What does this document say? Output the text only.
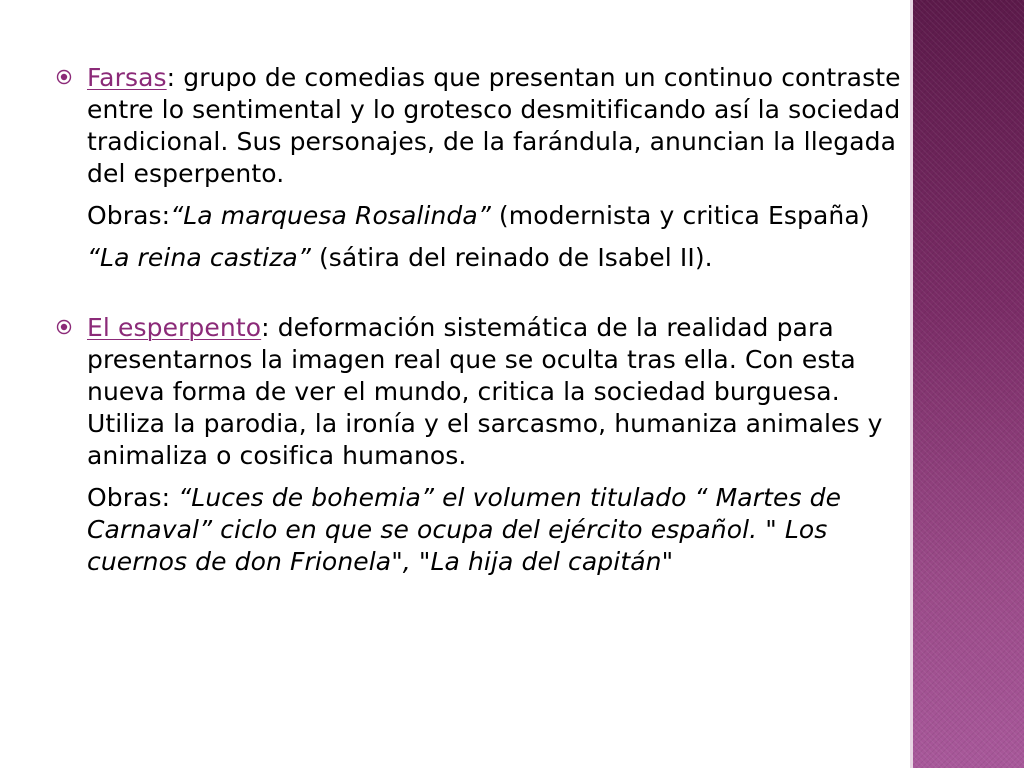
Farsas: grupo de comedias que presentan un continuo contraste entre lo sentimental y lo grotesco desmitificando así la sociedad tradicional. Sus personajes, de la farándula, anuncian la llegada del esperpento.

Obras:“La marquesa Rosalinda” (modernista y critica España)

“La reina castiza” (sátira del reinado de Isabel II).

El esperpento: deformación sistemática de la realidad para presentarnos la imagen real que se oculta tras ella. Con esta nueva forma de ver el mundo, critica la sociedad burguesa. Utiliza la parodia, la ironía y el sarcasmo, humaniza animales y animaliza o cosifica humanos.

Obras: “Luces de bohemia” el volumen titulado “ Martes de Carnaval” ciclo en que se ocupa del ejército español. " Los cuernos de don Frionela", "La hija del capitán"
